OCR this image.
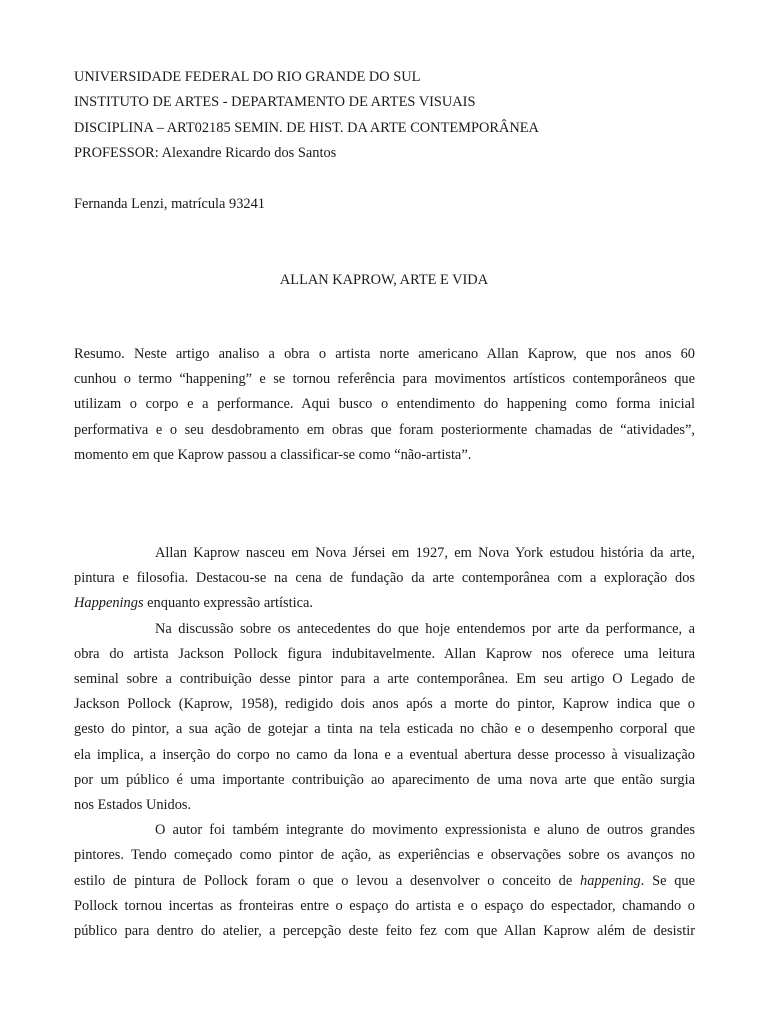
UNIVERSIDADE FEDERAL DO RIO GRANDE DO SUL
INSTITUTO DE ARTES - DEPARTAMENTO DE ARTES VISUAIS
DISCIPLINA – ART02185 SEMIN. DE HIST. DA ARTE CONTEMPORÂNEA
PROFESSOR: Alexandre Ricardo dos Santos
Fernanda Lenzi, matrícula 93241
ALLAN KAPROW, ARTE E VIDA
Resumo. Neste artigo analiso a obra o artista norte americano Allan Kaprow, que nos anos 60
cunhou o termo “happening” e se tornou referência para movimentos artísticos contemporâneos que
utilizam o corpo e a performance. Aqui busco o entendimento do happening como forma inicial
performativa e o seu desdobramento em obras que foram posteriormente chamadas de “atividades”,
momento em que Kaprow passou a classificar-se como “não-artista”.
Allan Kaprow nasceu em Nova Jérsei em 1927, em Nova York estudou história da arte,
pintura e filosofia. Destacou-se na cena de fundação da arte contemporânea com a exploração dos
Happenings enquanto expressão artística.
Na discussão sobre os antecedentes do que hoje entendemos por arte da performance, a
obra do artista Jackson Pollock figura indubitavelmente. Allan Kaprow nos oferece uma leitura
seminal sobre a contribuição desse pintor para a arte contemporânea. Em seu artigo O Legado de
Jackson Pollock (Kaprow, 1958), redigido dois anos após a morte do pintor, Kaprow indica que o
gesto do pintor, a sua ação de gotejar a tinta na tela esticada no chão e o desempenho corporal que
ela implica, a inserção do corpo no camo da lona e a eventual abertura desse processo à visualização
por um público é uma importante contribuição ao aparecimento de uma nova arte que então surgia
nos Estados Unidos.
O autor foi também integrante do movimento expressionista e aluno de outros grandes
pintores. Tendo começado como pintor de ação, as experiências e observações sobre os avanços no
estilo de pintura de Pollock foram o que o levou a desenvolver o conceito de happening. Se que
Pollock tornou incertas as fronteiras entre o espaço do artista e o espaço do espectador, chamando o
público para dentro do atelier, a percepção deste feito fez com que Allan Kaprow além de desistir
